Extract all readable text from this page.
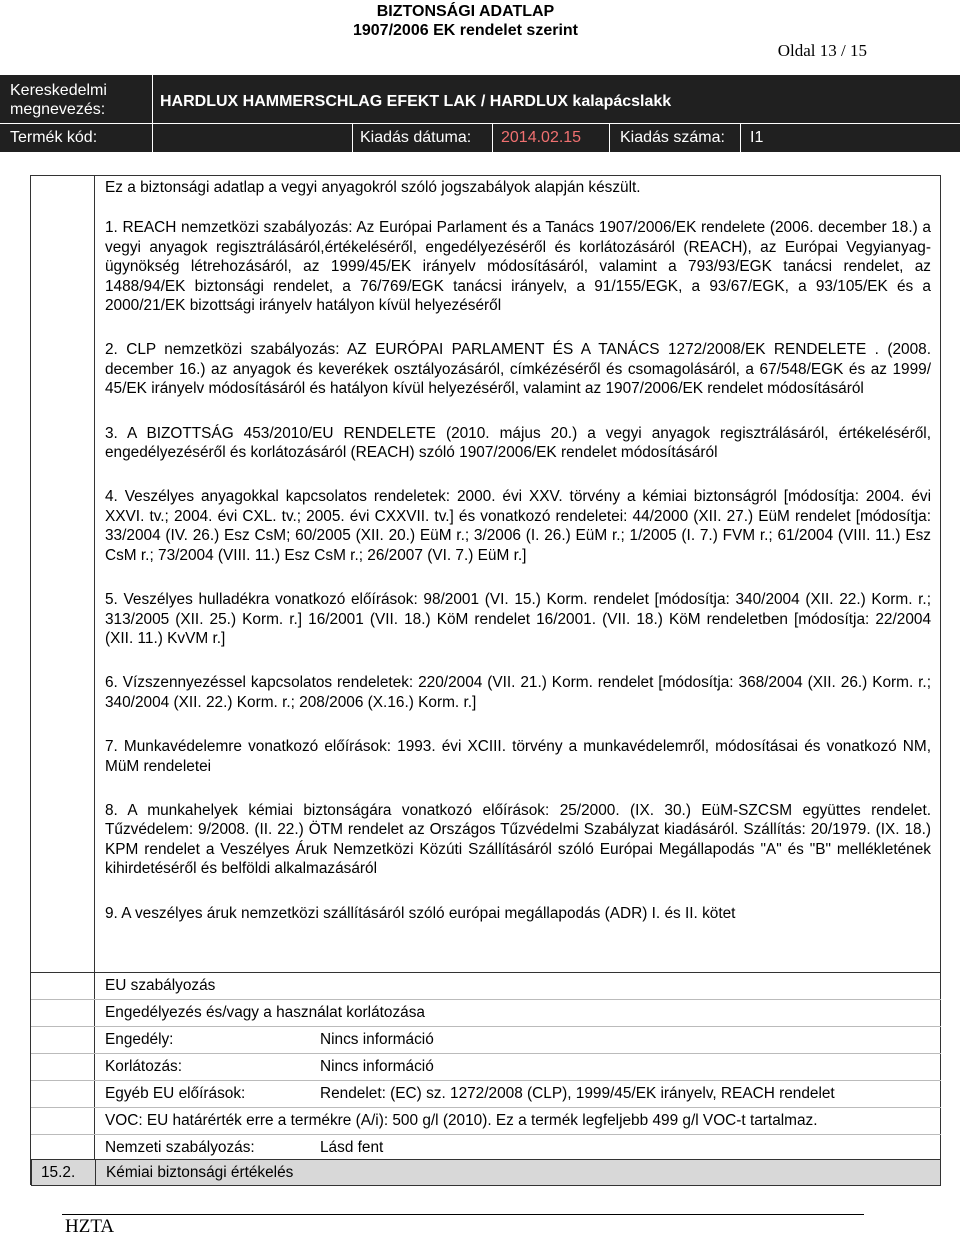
BIZTONSÁGI ADATLAP
1907/2006 EK rendelet szerint
Oldal 13 / 15
Kereskedelmi megnevezés:	HARDLUX HAMMERSCHLAG EFEKT LAK / HARDLUX kalapácslakk
Termék kód:	Kiadás dátuma: 2014.02.15 Kiadás száma: I1

Ez a biztonsági adatlap a vegyi anyagokról szóló jogszabályok alapján készült.

1. REACH nemzetközi szabályozás: Az Európai Parlament és a Tanács 1907/2006/EK rendelete (2006. december 18.) a vegyi anyagok regisztrálásáról,értékeléséről, engedélyezéséről és korlátozásáról (REACH), az Európai Vegyianyag-ügynökség létrehozásáról, az 1999/45/EK irányelv módosításáról, valamint a 793/93/EGK tanácsi rendelet, az 1488/94/EK biztonsági rendelet, a 76/769/EGK tanácsi irányelv, a 91/155/EGK, a 93/67/EGK, a 93/105/EK és a 2000/21/EK bizottsági irányelv hatályon kívül helyezéséről

2. CLP nemzetközi szabályozás: AZ EURÓPAI PARLAMENT ÉS A TANÁCS 1272/2008/EK RENDELETE . (2008. december 16.) az anyagok és keverékek osztályozásáról, címkézéséről és csomagolásáról, a 67/548/EGK és az 1999/ 45/EK irányelv módosításáról és hatályon kívül helyezéséről, valamint az 1907/2006/EK rendelet módosításáról

3. A BIZOTTSÁG 453/2010/EU RENDELETE (2010. május 20.) a vegyi anyagok regisztrálásáról, értékeléséről, engedélyezéséről és korlátozásáról (REACH) szóló 1907/2006/EK rendelet módosításáról

4. Veszélyes anyagokkal kapcsolatos rendeletek: 2000. évi XXV. törvény a kémiai biztonságról [módosítja: 2004. évi XXVI. tv.; 2004. évi CXL. tv.; 2005. évi CXXVII. tv.] és vonatkozó rendeletei: 44/2000 (XII. 27.) EüM rendelet [módosítja: 33/2004 (IV. 26.) Esz CsM; 60/2005 (XII. 20.) EüM r.; 3/2006 (I. 26.) EüM r.; 1/2005 (I. 7.) FVM r.; 61/2004 (VIII. 11.) Esz CsM r.; 73/2004 (VIII. 11.) Esz CsM r.; 26/2007 (VI. 7.) EüM r.]

5. Veszélyes hulladékra vonatkozó előírások: 98/2001 (VI. 15.) Korm. rendelet [módosítja: 340/2004 (XII. 22.) Korm. r.; 313/2005 (XII. 25.) Korm. r.] 16/2001 (VII. 18.) KöM rendelet 16/2001. (VII. 18.) KöM rendeletben [módosítja: 22/2004 (XII. 11.) KvVM r.]

6. Vízszennyezéssel kapcsolatos rendeletek: 220/2004 (VII. 21.) Korm. rendelet [módosítja: 368/2004 (XII. 26.) Korm. r.; 340/2004 (XII. 22.) Korm. r.; 208/2006 (X.16.) Korm. r.]

7. Munkavédelemre vonatkozó előírások: 1993. évi XCIII. törvény a munkavédelemről, módosításai és vonatkozó NM, MüM rendeletei

8. A munkahelyek kémiai biztonságára vonatkozó előírások: 25/2000. (IX. 30.) EüM-SZCSM együttes rendelet. Tűzvédelem: 9/2008. (II. 22.) ÖTM rendelet az Országos Tűzvédelmi Szabályzat kiadásáról. Szállítás: 20/1979. (IX. 18.) KPM rendelet a Veszélyes Áruk Nemzetközi Közúti Szállításáról szóló Európai Megállapodás "A" és "B" mellékletének kihirdetéséről és belföldi alkalmazásáról

9. A veszélyes áruk nemzetközi szállításáról szóló európai megállapodás (ADR) I. és II. kötet

EU szabályozás
Engedélyezés és/vagy a használat korlátozása
Engedély:	Nincs információ
Korlátozás:	Nincs információ
Egyéb EU előírások:	Rendelet: (EC) sz. 1272/2008 (CLP), 1999/45/EK irányelv, REACH rendelet
VOC: EU határérték erre a termékre (A/i): 500 g/l (2010). Ez a termék legfeljebb 499 g/l VOC-t tartalmaz.
Nemzeti szabályozás:	Lásd fent
15.2. Kémiai biztonsági értékelés
HZTA
